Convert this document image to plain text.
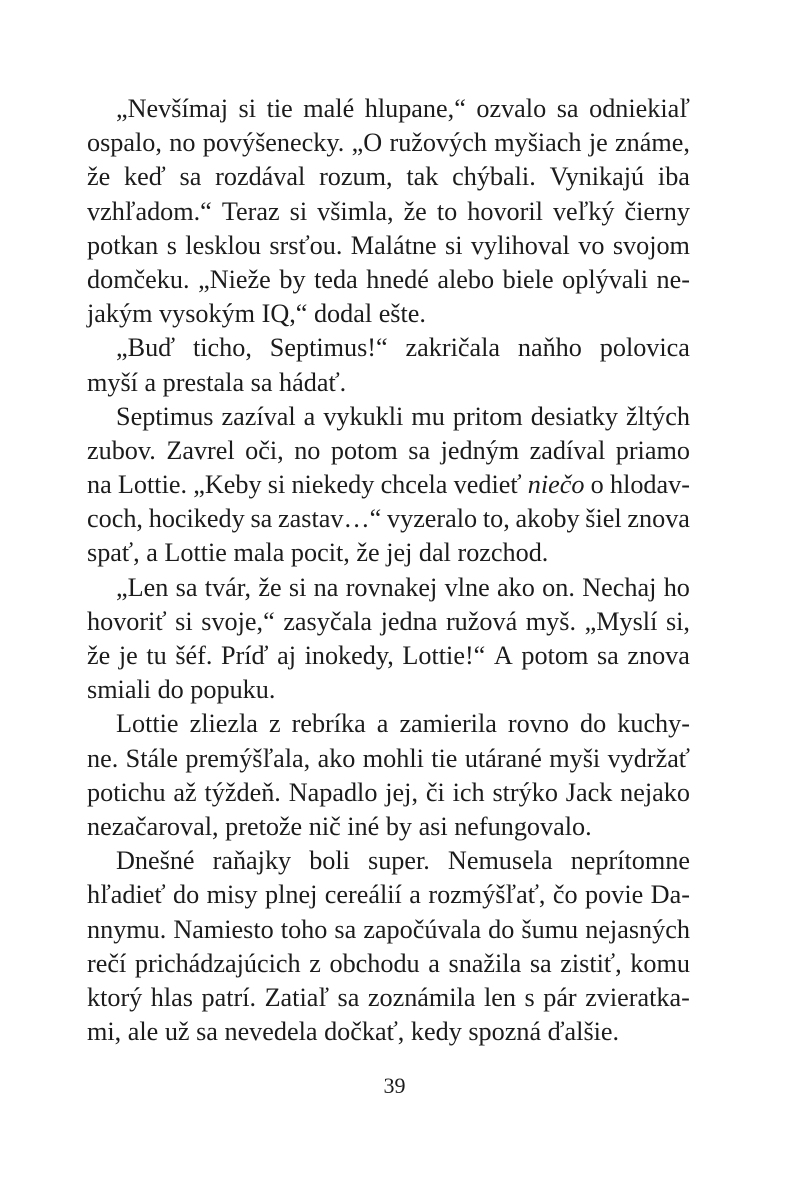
„Nevšímaj si tie malé hlupane,“ ozvalo sa odniekiaľ
ospalo, no povýšenecky. „O ružových myšiach je známe,
že keď sa rozdával rozum, tak chýbali. Vynikajú iba
vzhľadom.“ Teraz si všimla, že to hovoril veľký čierny
potkan s lesklou srsťou. Malátne si vylihoval vo svojom
domčeku. „Nieže by teda hnedé alebo biele oplývali ne-
jakým vysokým IQ,“ dodal ešte.
„Buď ticho, Septimus!“ zakričala naňho polovica
myší a prestala sa hádať.
Septimus zazíval a vykukli mu pritom desiatky žltých
zubov. Zavrel oči, no potom sa jedným zadíval priamo
na Lottie. „Keby si niekedy chcela vedieť niečo o hlodav-
coch, hocikedy sa zastav…“ vyzeralo to, akoby šiel znova
spať, a Lottie mala pocit, že jej dal rozchod.
„Len sa tvár, že si na rovnakej vlne ako on. Nechaj ho
hovoriť si svoje,“ zasyčala jedna ružová myš. „Myslí si,
že je tu šéf. Príď aj inokedy, Lottie!“ A potom sa znova
smiali do popuku.
Lottie zliezla z rebríka a zamierila rovno do kuchy-
ne. Stále premýšľala, ako mohli tie utárané myši vydržať
potichu až týždeň. Napadlo jej, či ich strýko Jack nejako
nezačaroval, pretože nič iné by asi nefungovalo.
Dnešné raňajky boli super. Nemusela neprítomne
hľadieť do misy plnej cereálií a rozmýšľať, čo povie Da-
nnymu. Namiesto toho sa započúvala do šumu nejasných
rečí prichádzajúcich z obchodu a snažila sa zistiť, komu
ktorý hlas patrí. Zatiaľ sa zoznámila len s pár zvieratka-
mi, ale už sa nevedela dočkať, kedy spozná ďalšie.
39
